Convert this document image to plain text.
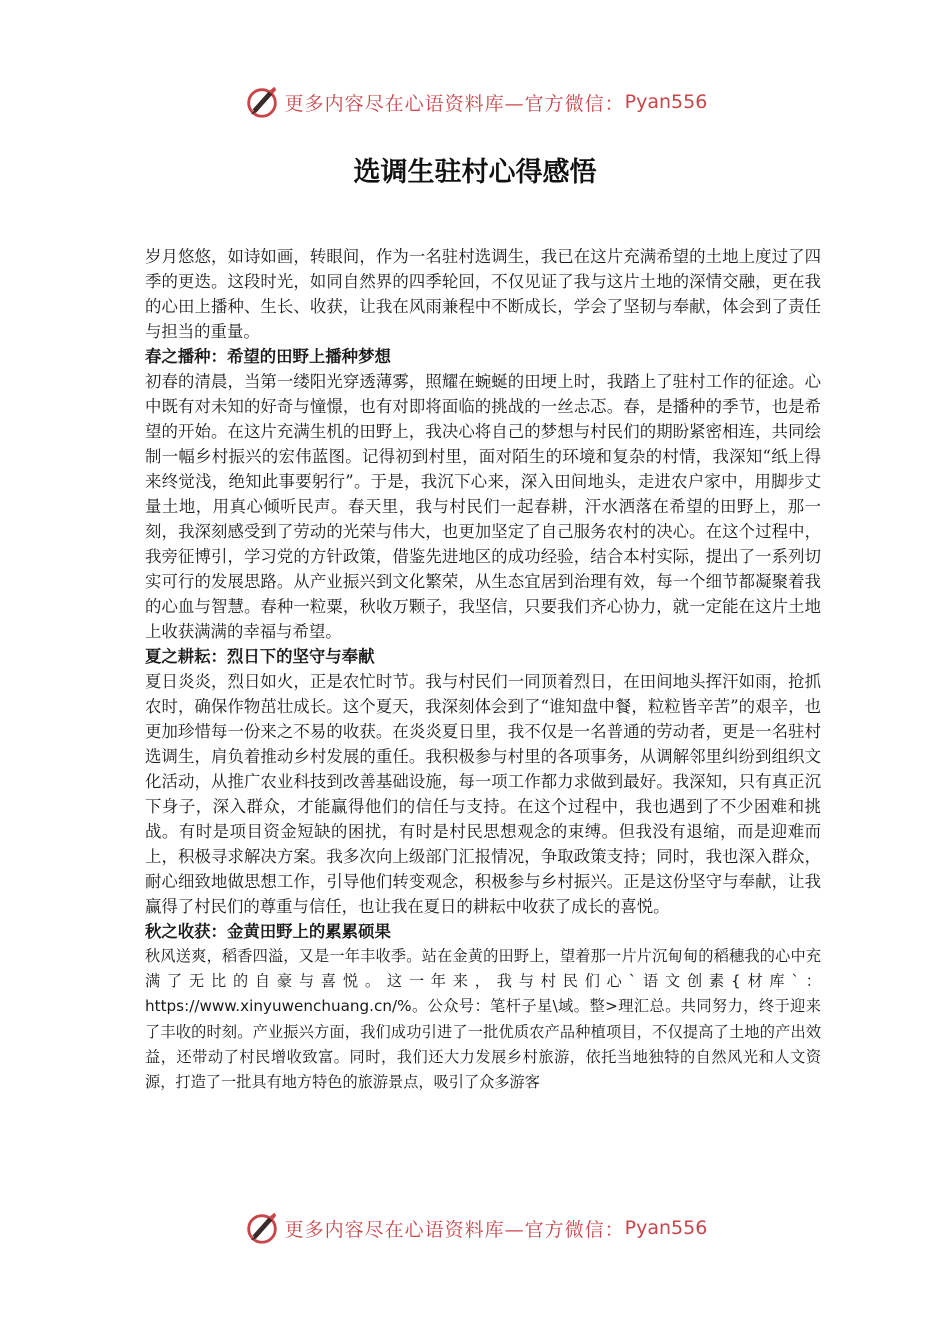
更多内容尽在心语资料库—官方微信： Pyan556
选调生驻村心得感悟

岁月悠悠，如诗如画，转眼间，作为一名驻村选调生，我已在这片充满希望的土地上度过了四季的更迭。这段时光，如同自然界的四季轮回，不仅见证了我与这片土地的深情交融，更在我的心田上播种、生长、收获，让我在风雨兼程中不断成长，学会了坚韧与奉献，体会到了责任与担当的重量。

春之播种：希望的田野上播种梦想

初春的清晨，当第一缕阳光穿透薄雾，照耀在蜿蜒的田埂上时，我踏上了驻村工作的征途。心中既有对未知的好奇与憧憬，也有对即将面临的挑战的一丝忐忑。春，是播种的季节，也是希望的开始。在这片充满生机的田野上，我决心将自己的梦想与村民们的期盼紧密相连，共同绘制一幅乡村振兴的宏伟蓝图。记得初到村里，面对陌生的环境和复杂的村情，我深知“纸上得来终觉浅，绝知此事要躬行”。于是，我沉下心来，深入田间地头，走进农户家中，用脚步丈量土地，用真心倾听民声。春天里，我与村民们一起春耕，汗水洒落在希望的田野上，那一刻，我深刻感受到了劳动的光荣与伟大，也更加坚定了自己服务农村的决心。在这个过程中，我旁征博引，学习党的方针政策，借鉴先进地区的成功经验，结合本村实际，提出了一系列切实可行的发展思路。从产业振兴到文化繁荣，从生态宜居到治理有效，每一个细节都凝聚着我的心血与智慧。春种一粒粟，秋收万颗子，我坚信，只要我们齐心协力，就一定能在这片土地上收获满满的幸福与希望。

夏之耕耘：烈日下的坚守与奉献

夏日炎炎，烈日如火，正是农忙时节。我与村民们一同顶着烈日，在田间地头挥汗如雨，抢抓农时，确保作物茁壮成长。这个夏天，我深刻体会到了“谁知盘中餐，粒粒皆辛苦”的艰辛，也更加珍惜每一份来之不易的收获。在炎炎夏日里，我不仅是一名普通的劳动者，更是一名驻村选调生，肩负着推动乡村发展的重任。我积极参与村里的各项事务，从调解邻里纠纷到组织文化活动，从推广农业科技到改善基础设施，每一项工作都力求做到最好。我深知，只有真正沉下身子，深入群众，才能赢得他们的信任与支持。在这个过程中，我也遇到了不少困难和挑战。有时是项目资金短缺的困扰，有时是村民思想观念的束缚。但我没有退缩，而是迎难而上，积极寻求解决方案。我多次向上级部门汇报情况，争取政策支持；同时，我也深入群众，耐心细致地做思想工作，引导他们转变观念，积极参与乡村振兴。正是这份坚守与奉献，让我赢得了村民们的尊重与信任，也让我在夏日的耕耘中收获了成长的喜悦。

秋之收获：金黄田野上的累累硕果

秋风送爽，稻香四溢，又是一年丰收季。站在金黄的田野上，望着那一片片沉甸甸的稻穗我的心中充满了无比的自豪与喜悦。这一年来，我与村民们心`语文创素{材库`：https://www.xinyuwenchuang.cn/%。公众号：笔杆子星\域。整>理汇总。共同努力，终于迎来了丰收的时刻。产业振兴方面，我们成功引进了一批优质农产品种植项目，不仅提高了土地的产出效益，还带动了村民增收致富。同时，我们还大力发展乡村旅游，依托当地独特的自然风光和人文资源，打造了一批具有地方特色的旅游景点，吸引了众多游客

更多内容尽在心语资料库—官方微信： Pyan556
